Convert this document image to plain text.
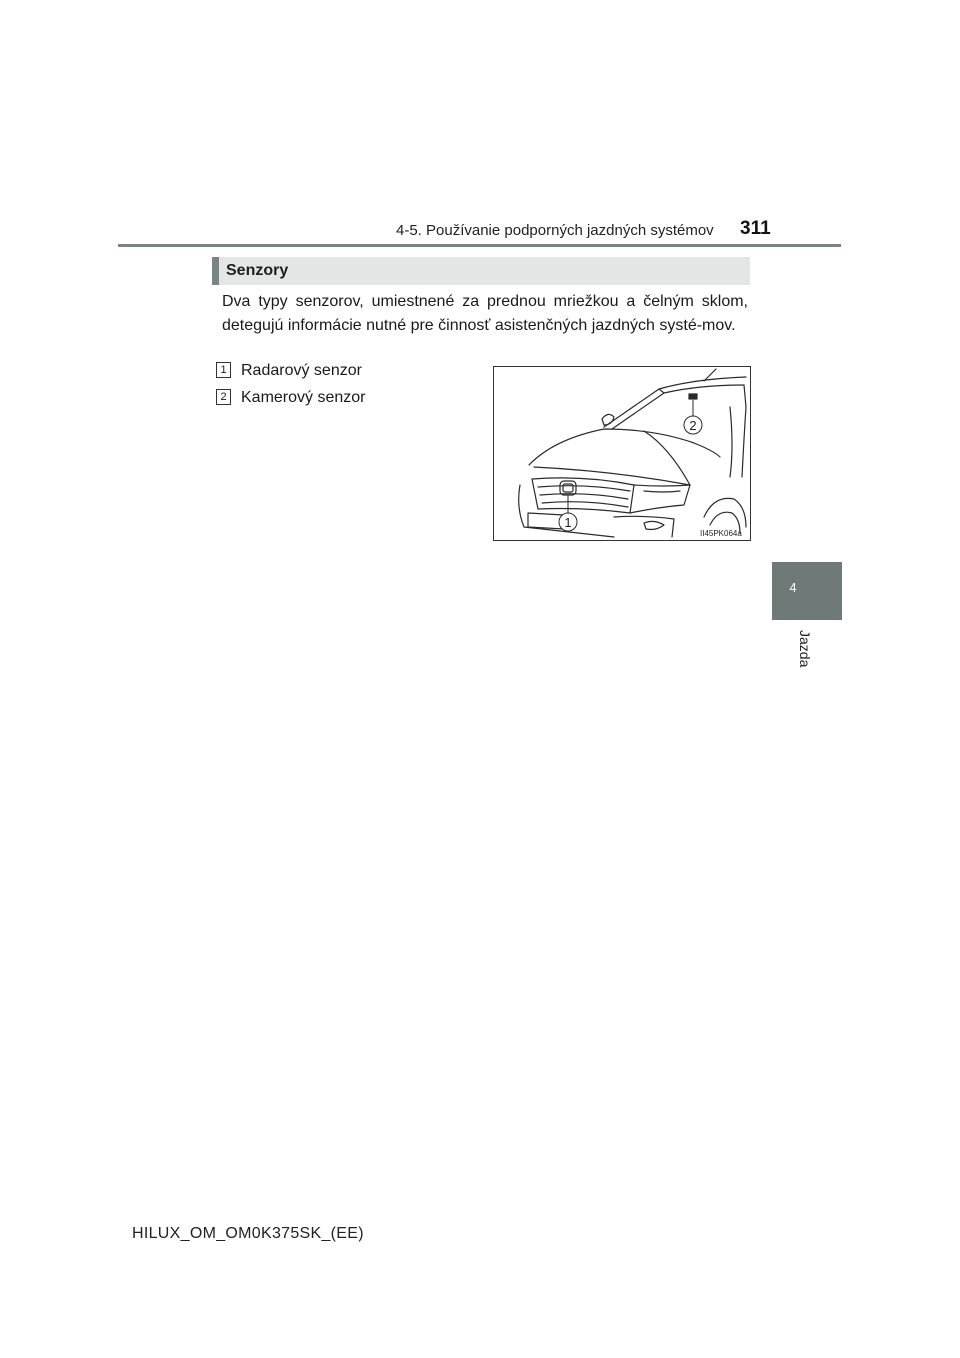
4-5. Používanie podporných jazdných systémov 311
4
Jazda
Senzory
Dva typy senzorov, umiestnené za prednou mriežkou a čelným sklom, detegujú informácie nutné pre činnosť asistenčných jazdných systé-mov.
1 Radarový senzor
2 Kamerový senzor
2
1
II45PK064a
HILUX_OM_OM0K375SK_(EE)
